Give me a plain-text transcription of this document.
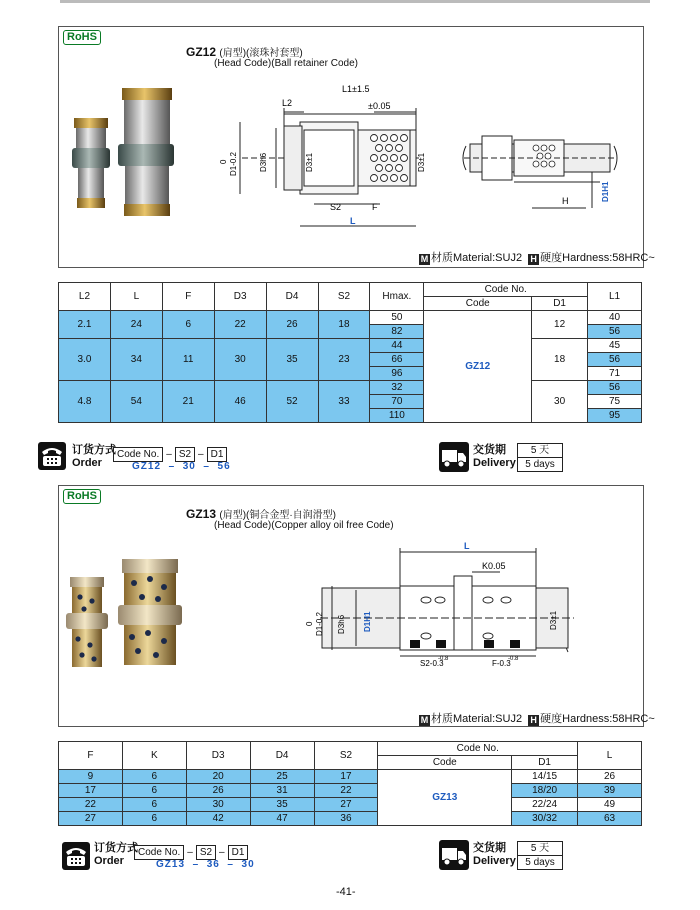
RoHS
GZ12 (肩型)(滚珠衬套型)
(Head Code)(Ball retainer Code)
L1±1.5
L2	±0.05
0 D1-0.2	D3h6	D3±1	D3±1
S2	F
L
H	D1H1
M 材质Material:SUJ2 H 硬度Hardness:58HRC~
L2	L	F	D3	D4	S2	Hmax.	Code No.		L1
							Code	D1	
2.1	24	6	22	26	18	50	GZ12	12	40
						82			56
3.0	34	11	30	35	23	44		18	45
						66			56
						96			71
4.8	54	21	46	52	33	32		30	56
						70			75
						110			95
订货方式
Order
Code No. – S2 – D1
GZ12 – 30 – 56
交货期
Delivery
5 天
5 days
RoHS
GZ13 (肩型)(铜合金型·自润滑型)
(Head Code)(Copper alloy oil free Code)
L
K0.05
0 D1-0.2 D3h6 D1H1	D3±1
S2-0.3
-0.8	F-0.3
-0.8
M 材质Material:SUJ2 H 硬度Hardness:58HRC~
F	K	D3	D4	S2	Code No.		L
					Code	D1	
9	6	20	25	17	GZ13	14/15	26
17	6	26	31	22		18/20	39
22	6	30	35	27		22/24	49
27	6	42	47	36		30/32	63
订货方式
Order
Code No. – S2 – D1
GZ13 – 36 – 30
交货期
Delivery
5 天
5 days
-41-
